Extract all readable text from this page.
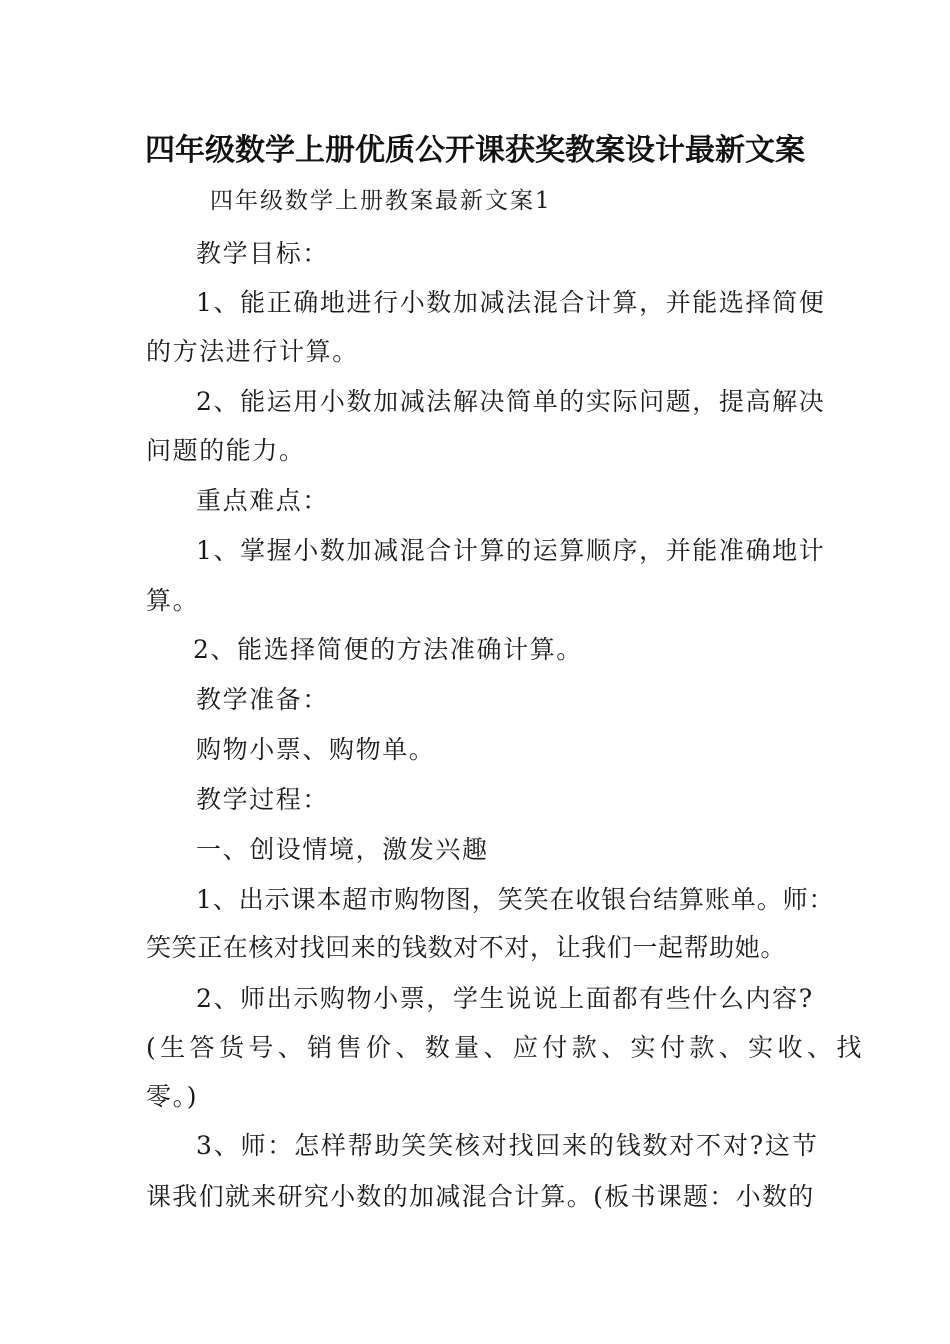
四年级数学上册优质公开课获奖教案设计最新文案
四年级数学上册教案最新文案1
教学目标：
1、能正确地进行小数加减法混合计算，并能选择简便
的方法进行计算。
2、能运用小数加减法解决简单的实际问题，提高解决
问题的能力。
重点难点：
1、掌握小数加减混合计算的运算顺序，并能准确地计
算。
2、能选择简便的方法准确计算。
教学准备：
购物小票、购物单。
教学过程：
一、创设情境，激发兴趣
1、出示课本超市购物图，笑笑在收银台结算账单。师：
笑笑正在核对找回来的钱数对不对，让我们一起帮助她。
2、师出示购物小票，学生说说上面都有些什么内容?
(生答货号、销售价、数量、应付款、实付款、实收、找
零。)
3、师：怎样帮助笑笑核对找回来的钱数对不对?这节
课我们就来研究小数的加减混合计算。(板书课题：小数的
